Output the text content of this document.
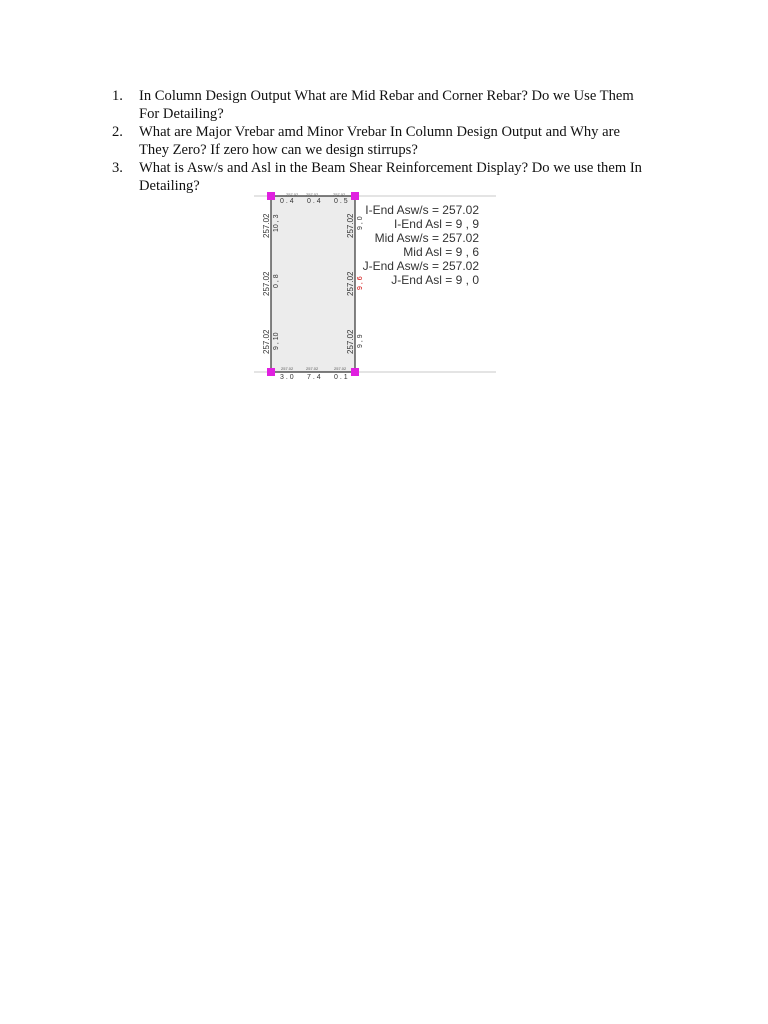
1.	In Column Design Output What are Mid Rebar and Corner Rebar? Do we Use Them
For Detailing?
2.	What are Major Vrebar amd Minor Vrebar In Column Design Output and Why are
They Zero? If zero how can we design stirrups?
3.	What is Asw/s and Asl in the Beam Shear Reinforcement Display? Do we use them In
Detailing?
257.02 257.02	257.02
0 . 4 0 . 4 0 . 5
257.02	257.02	257.02
3 . 0 7 . 4 0 . 1
257.02 10 , 3
257.02 0 , 8
257.02 9 , 10
257.02 9 , 0
257.02 9 , 6
257.02 9 , 9
I-End Asw/s = 257.02
I-End Asl = 9 , 9
Mid Asw/s = 257.02
Mid Asl = 9 , 6
J-End Asw/s = 257.02
J-End Asl = 9 , 0
